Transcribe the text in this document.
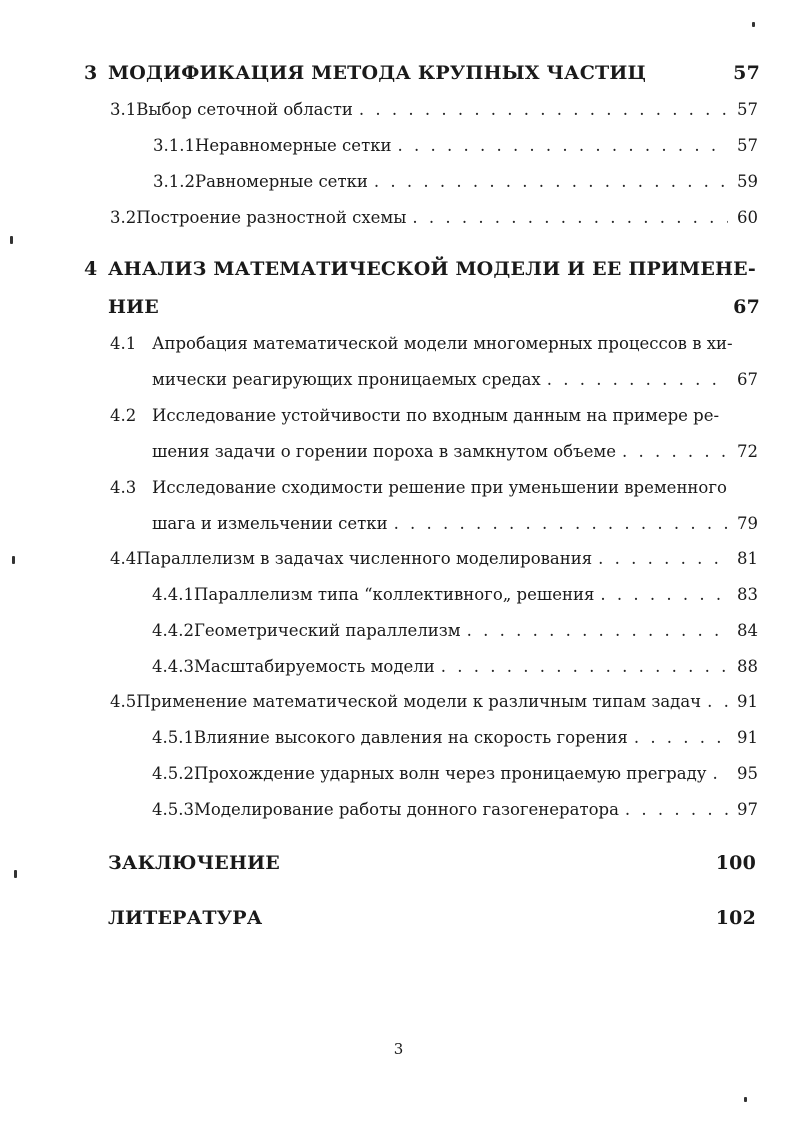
3 МОДИФИКАЦИЯ МЕТОДА КРУПНЫХ ЧАСТИЦ	57
3.1 Выбор сеточной области . . .	57
3.1.1 Неравномерные сетки . . .	57
3.1.2 Равномерные сетки . . .	59
3.2 Построение разностной схемы . . .	60
4 АНАЛИЗ МАТЕМАТИЧЕСКОЙ МОДЕЛИ И ЕЕ ПРИМЕНЕ-
НИЕ	67
4.1 Апробация математической модели многомерных процессов в хи-
мически реагирующих проницаемых средах . . .	67
4.2 Исследование устойчивости по входным данным на примере ре-
шения задачи о горении пороха в замкнутом объеме . . .	72
4.3 Исследование сходимости решение при уменьшении временного
шага и измельчении сетки . . .	79
4.4 Параллелизм в задачах численного моделирования . . .	81
4.4.1 Параллелизм типа “коллективного„ решения . . .	83
4.4.2 Геометрический параллелизм . . .	84
4.4.3 Масштабируемость модели . . .	88
4.5 Применение математической модели к различным типам задач . . .	91
4.5.1 Влияние высокого давления на скорость горения . . .	91
4.5.2 Прохождение ударных волн через проницаемую преграду . . .	95
4.5.3 Моделирование работы донного газогенератора . . .	97
ЗАКЛЮЧЕНИЕ	100
ЛИТЕРАТУРА	102
3
